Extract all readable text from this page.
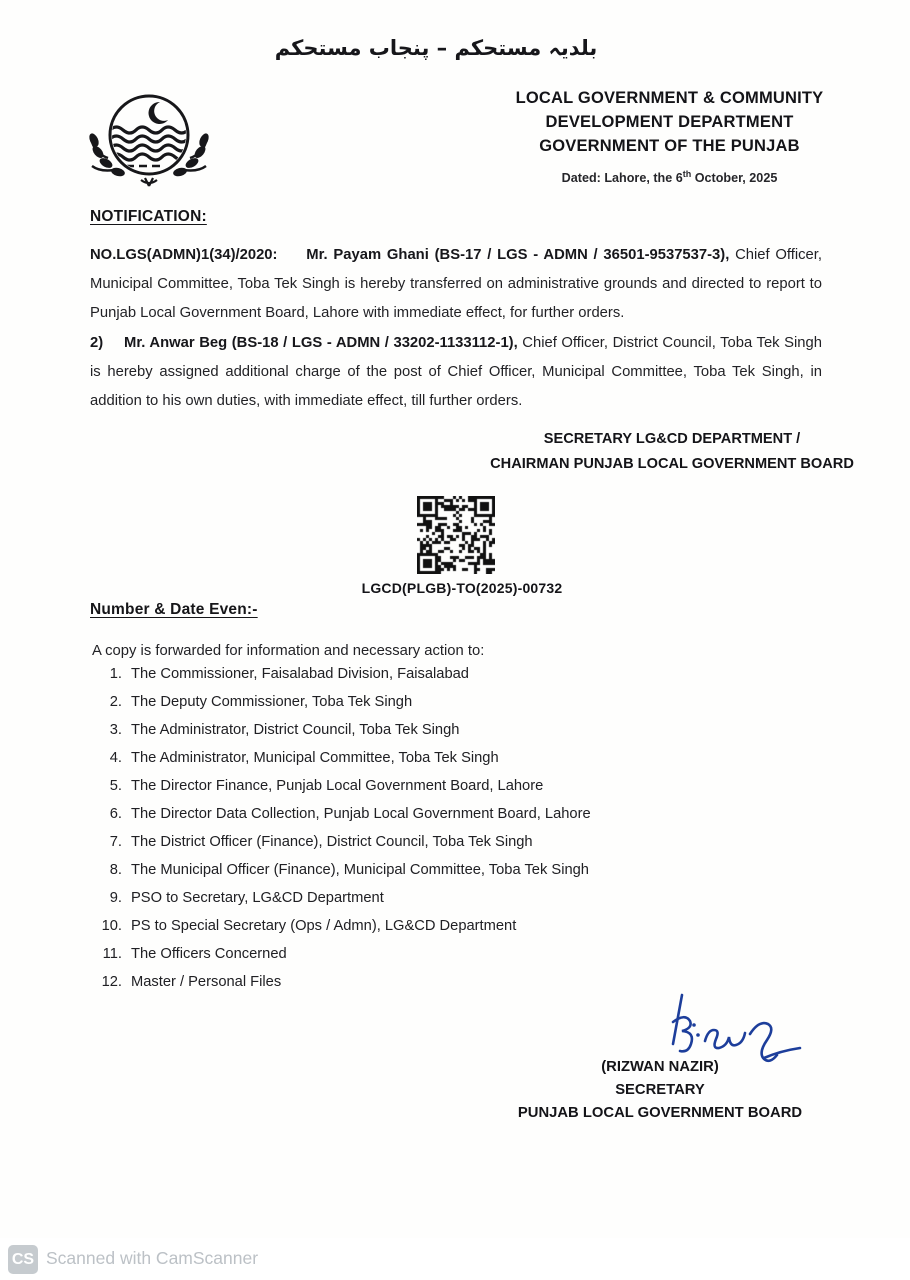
بلدیہ مستحکم – پنجاب مستحکم
LOCAL GOVERNMENT & COMMUNITY
DEVELOPMENT DEPARTMENT
GOVERNMENT OF THE PUNJAB
Dated: Lahore, the 6th October, 2025
NOTIFICATION:
NO.LGS(ADMN)1(34)/2020: Mr. Payam Ghani (BS-17 / LGS - ADMN / 36501-9537537-3), Chief Officer, Municipal Committee, Toba Tek Singh is hereby transferred on administrative grounds and directed to report to Punjab Local Government Board, Lahore with immediate effect, for further orders.
2) Mr. Anwar Beg (BS-18 / LGS - ADMN / 33202-1133112-1), Chief Officer, District Council, Toba Tek Singh is hereby assigned additional charge of the post of Chief Officer, Municipal Committee, Toba Tek Singh, in addition to his own duties, with immediate effect, till further orders.
SECRETARY LG&CD DEPARTMENT /
CHAIRMAN PUNJAB LOCAL GOVERNMENT BOARD
LGCD(PLGB)-TO(2025)-00732
Number & Date Even:-
A copy is forwarded for information and necessary action to:
The Commissioner, Faisalabad Division, Faisalabad
The Deputy Commissioner, Toba Tek Singh
The Administrator, District Council, Toba Tek Singh
The Administrator, Municipal Committee, Toba Tek Singh
The Director Finance, Punjab Local Government Board, Lahore
The Director Data Collection, Punjab Local Government Board, Lahore
The District Officer (Finance), District Council, Toba Tek Singh
The Municipal Officer (Finance), Municipal Committee, Toba Tek Singh
PSO to Secretary, LG&CD Department
PS to Special Secretary (Ops / Admn), LG&CD Department
The Officers Concerned
Master / Personal Files
(RIZWAN NAZIR)
SECRETARY
PUNJAB LOCAL GOVERNMENT BOARD
CS Scanned with CamScanner
